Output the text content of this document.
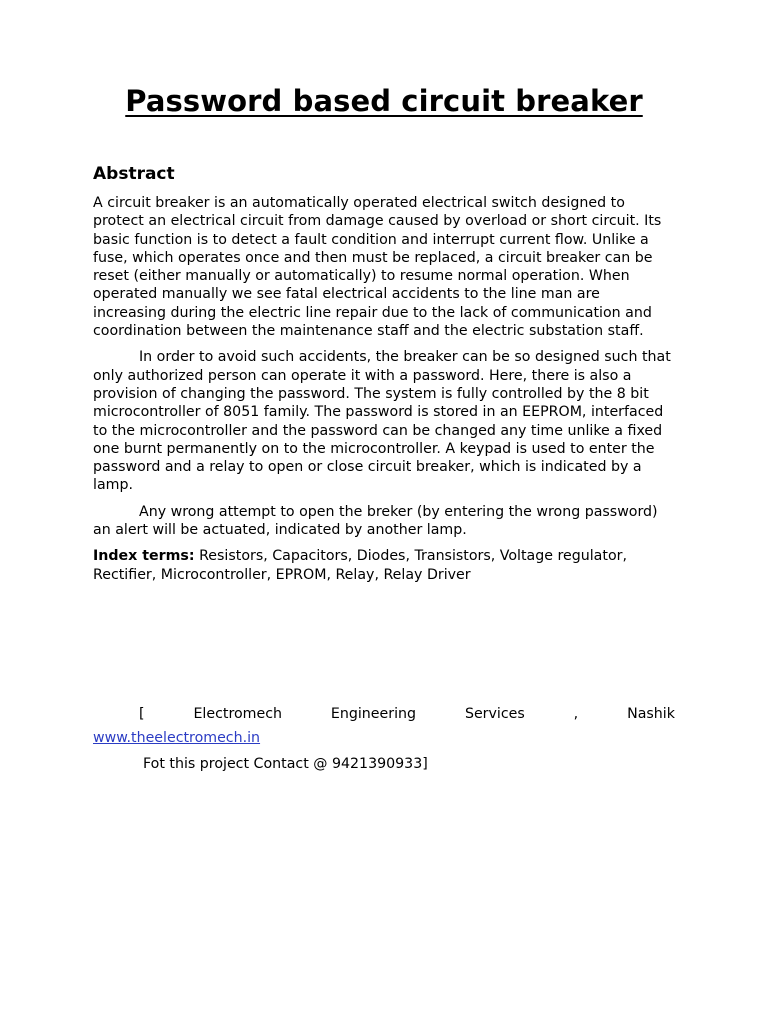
Password based circuit breaker
Abstract

A circuit breaker is an automatically operated electrical switch designed to protect an electrical circuit from damage caused by overload or short circuit. Its basic function is to detect a fault condition and interrupt current flow. Unlike a fuse, which operates once and then must be replaced, a circuit breaker can be reset (either manually or automatically) to resume normal operation. When operated manually we see fatal electrical accidents to the line man are increasing during the electric line repair due to the lack of communication and coordination between the maintenance staff and the electric substation staff.

In order to avoid such accidents, the breaker can be so designed such that only authorized person can operate it with a password. Here, there is also a provision of changing the password. The system is fully controlled by the 8 bit microcontroller of 8051 family. The password is stored in an EEPROM, interfaced to the microcontroller and the password can be changed any time unlike a fixed one burnt permanently on to the microcontroller. A keypad is used to enter the password and a relay to open or close circuit breaker, which is indicated by a lamp.

Any wrong attempt to open the breker (by entering the wrong password) an alert will be actuated, indicated by another lamp.

Index terms: Resistors, Capacitors, Diodes, Transistors, Voltage regulator, Rectifier, Microcontroller, EPROM, Relay, Relay Driver

[	Electromech	Engineering	Services	,	Nashik
www.theelectromech.in
Fot this project Contact @ 9421390933]
